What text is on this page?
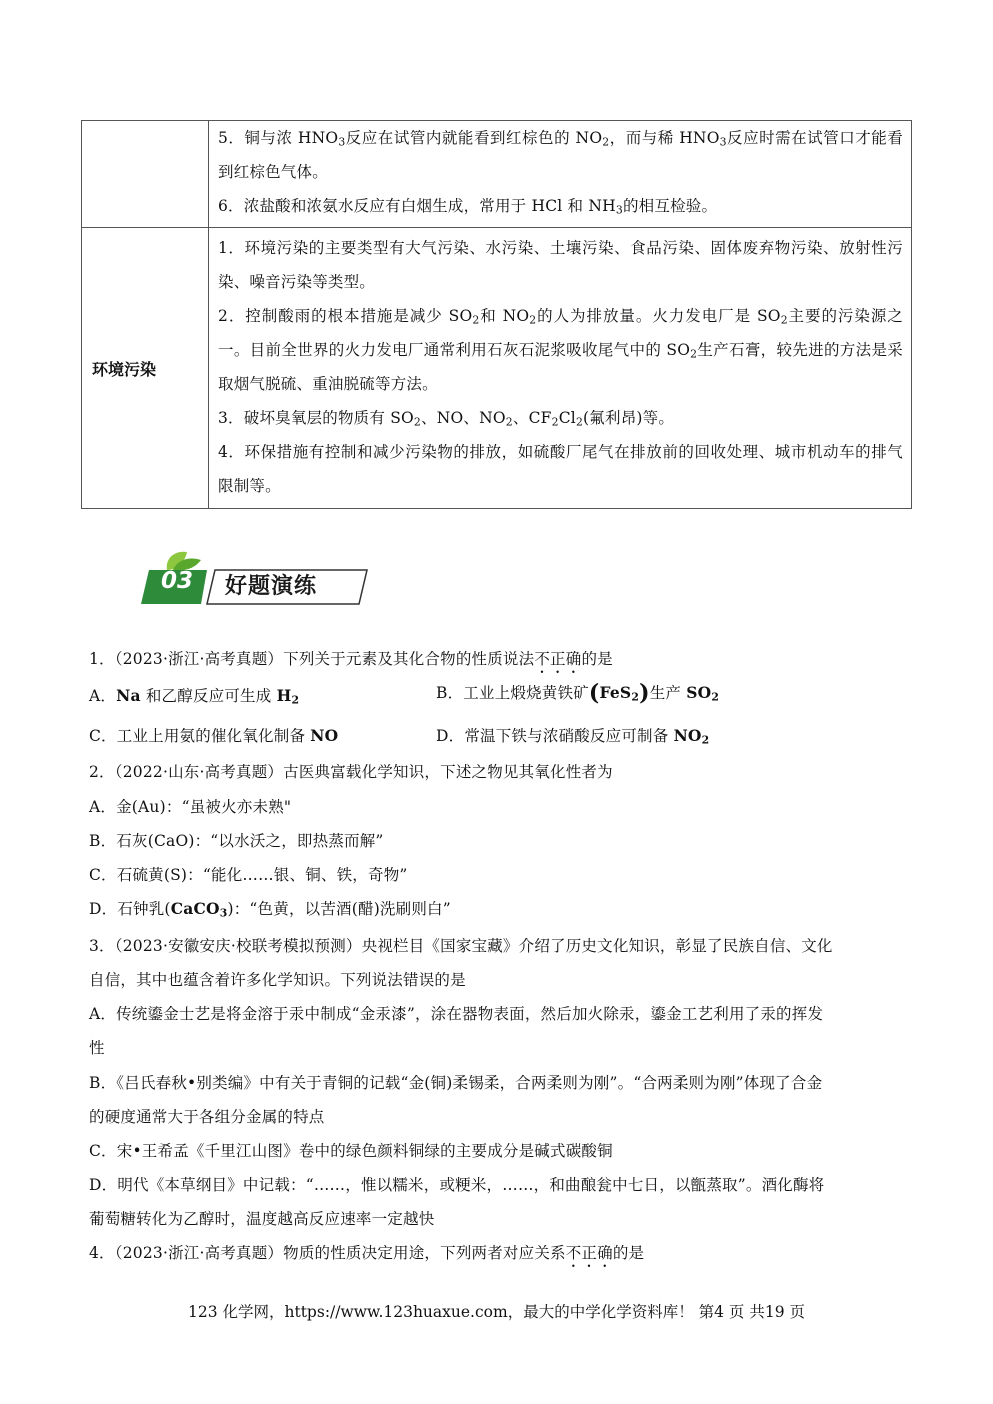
	5．铜与浓 $HNO_3$反应在试管内就能看到红棕色的 $NO_2$，而与稀 $HNO_3$反应时需在试管口才能看到红棕色气体。

6．浓盐酸和浓氨水反应有白烟生成，常用于 HCl 和 $NH_3$的相互检验。

环境污染	1．环境污染的主要类型有大气污染、水污染、土壤污染、食品污染、固体废弃物污染、放射性污染、噪音污染等类型。

2．控制酸雨的根本措施是减少 $SO_2$和 $NO_2$的人为排放量。火力发电厂是 $SO_2$主要的污染源之一。目前全世界的火力发电厂通常利用石灰石泥浆吸收尾气中的 $SO_2$生产石膏，较先进的方法是采取烟气脱硫、重油脱硫等方法。

3．破坏臭氧层的物质有 $SO_2$、NO、$NO_2$、$CF_2Cl_2$(氟利昂)等。

4．环保措施有控制和减少污染物的排放，如硫酸厂尾气在排放前的回收处理、城市机动车的排气限制等。

03 好题演练
1．（2023·浙江·高考真题）下列关于元素及其化合物的性质说法不正确的是
A．Na 和乙醇反应可生成 $H_2$	B．工业上煅烧黄铁矿(FeS$_2$)生产 $SO_2$
C．工业上用氨的催化氧化制备 NO	D．常温下铁与浓硝酸反应可制备 $NO_2$
2．（2022·山东·高考真题）古医典富载化学知识，下述之物见其氧化性者为
A．金(Au)：“虽被火亦未熟"
B．石灰(CaO)：“以水沃之，即热蒸而解”
C．石硫黄(S)：“能化……银、铜、铁，奇物”
D．石钟乳(CaCO$_3$)：“色黄，以苦酒(醋)洗刷则白”
3．（2023·安徽安庆·校联考模拟预测）央视栏目《国家宝藏》介绍了历史文化知识，彰显了民族自信、文化
自信，其中也蕴含着许多化学知识。下列说法错误的是
A．传统鎏金士艺是将金溶于汞中制成“金汞漆”，涂在器物表面，然后加火除汞，鎏金工艺利用了汞的挥发
性
B．《吕氏春秋•别类编》中有关于青铜的记载“金(铜)柔锡柔，合两柔则为刚”。“合两柔则为刚”体现了合金
的硬度通常大于各组分金属的特点
C．宋•王希孟《千里江山图》卷中的绿色颜料铜绿的主要成分是碱式碳酸铜
D．明代《本草纲目》中记载：“……，惟以糯米，或粳米，……，和曲酿瓮中七日，以甑蒸取”。酒化酶将
葡萄糖转化为乙醇时，温度越高反应速率一定越快
4．（2023·浙江·高考真题）物质的性质决定用途，下列两者对应关系不正确的是
123 化学网，https://www.123huaxue.com，最大的中学化学资料库！ 第4 页 共19 页
